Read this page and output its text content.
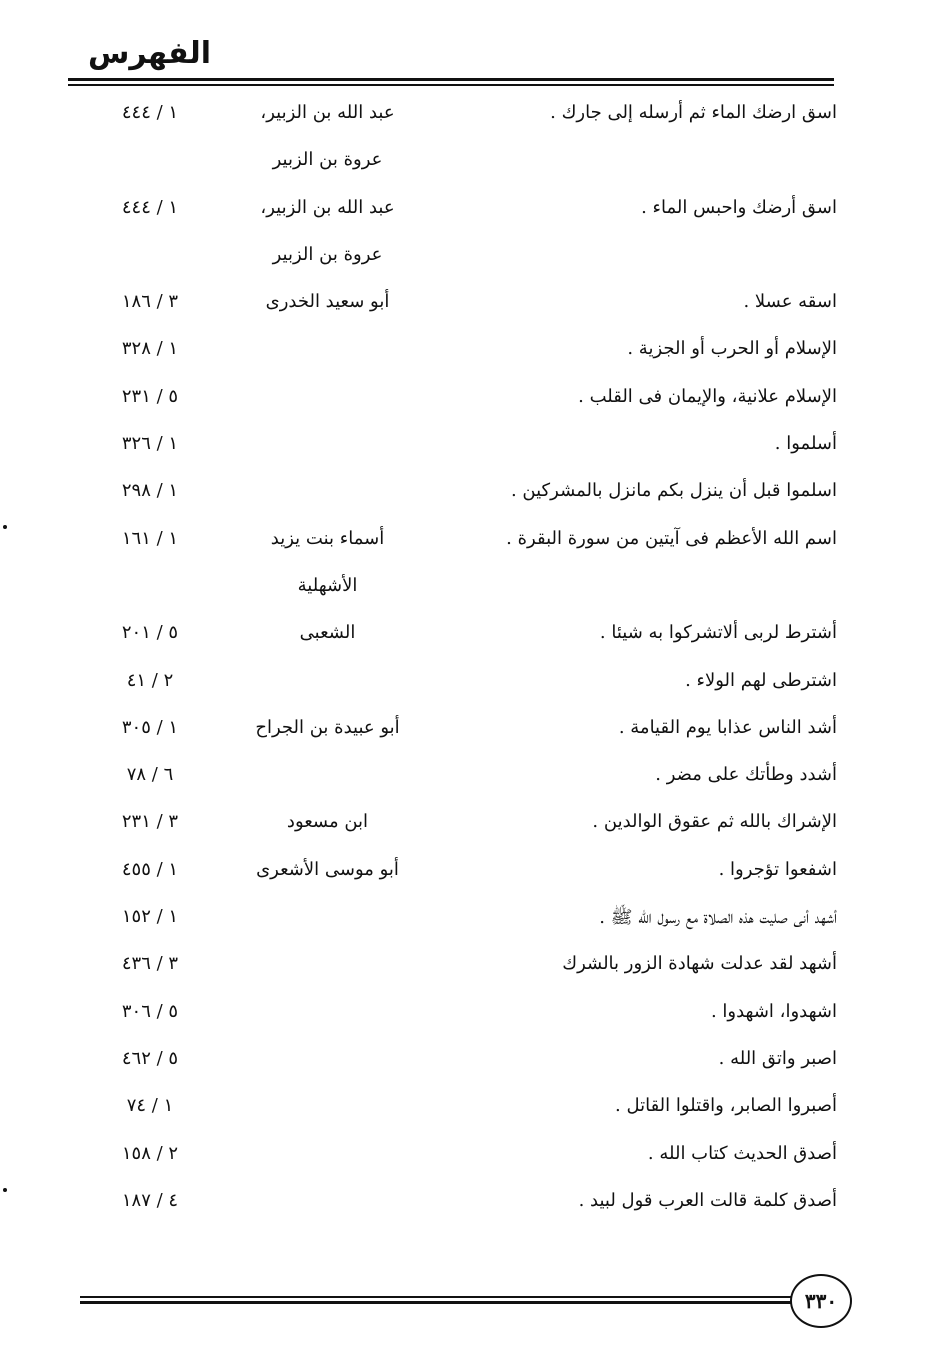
الفهرس
اسق ارضك الماء ثم أرسله إلى جارك .
عبد الله بن الزبير،
١ / ٤٤٤
عروة بن الزبير
اسق أرضك واحبس الماء .
عبد الله بن الزبير،
١ / ٤٤٤
عروة بن الزبير
اسقه عسلا .
أبو سعيد الخدرى
٣ / ١٨٦
الإسلام أو الحرب أو الجزية .
١ / ٣٢٨
الإسلام علانية، والإيمان فى القلب .
٥ / ٢٣١
أسلموا .
١ / ٣٢٦
اسلموا قبل أن ينزل بكم مانزل بالمشركين .
١ / ٢٩٨
اسم الله الأعظم فى آيتين من سورة البقرة .
أسماء بنت يزيد
١ / ١٦١
الأشهلية
أشترط لربى ألاتشركوا به شيئا .
الشعبى
٥ / ٢٠١
اشترطى لهم الولاء .
٢ / ٤١
أشد الناس عذابا يوم القيامة .
أبو عبيدة بن الجراح
١ / ٣٠٥
أشدد وطأتك على مضر .
٦ / ٧٨
الإشراك بالله ثم عقوق الوالدين .
ابن مسعود
٣ / ٢٣١
اشفعوا تؤجروا .
أبو موسى الأشعرى
١ / ٤٥٥
أشهد أنى صليت هذه الصلاة مع رسول الله ﷺ .
١ / ١٥٢
أشهد لقد عدلت شهادة الزور بالشرك
٣ / ٤٣٦
اشهدوا، اشهدوا .
٥ / ٣٠٦
اصبر واتق الله .
٥ / ٤٦٢
أصبروا الصابر، واقتلوا القاتل .
١ / ٧٤
أصدق الحديث كتاب الله .
٢ / ١٥٨
أصدق كلمة قالت العرب قول لبيد .
٤ / ١٨٧
٣٣٠
